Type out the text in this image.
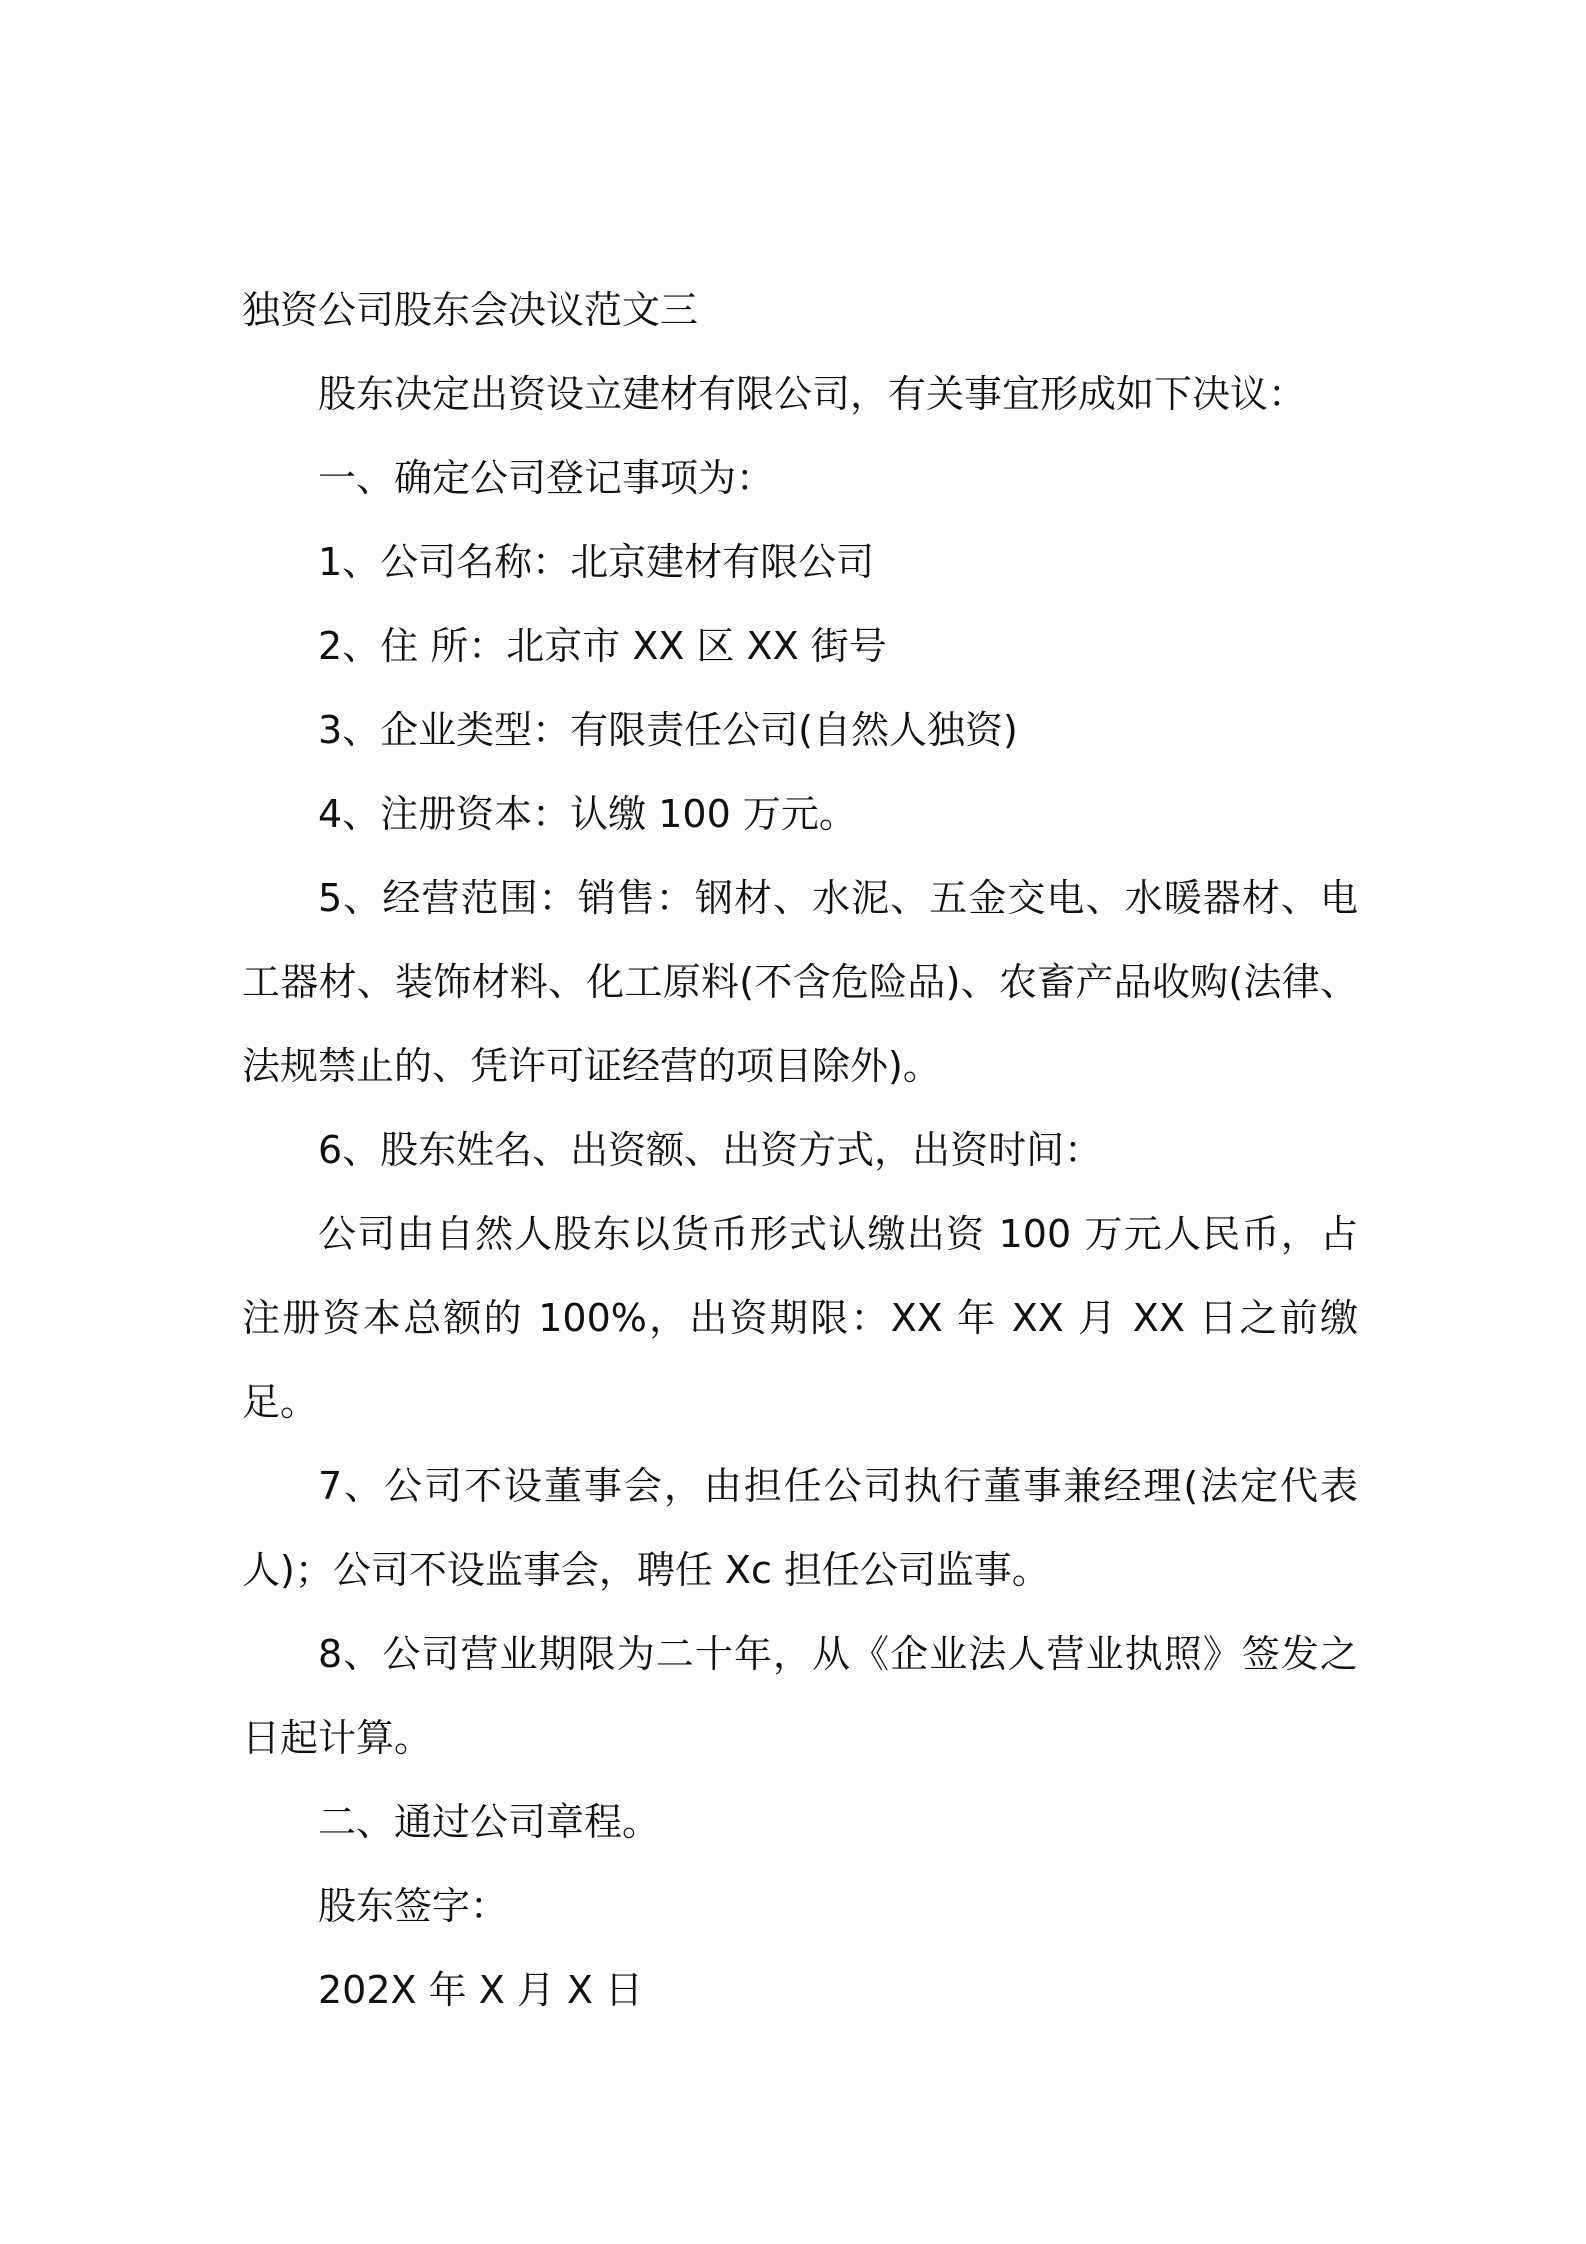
独资公司股东会决议范文三

股东决定出资设立建材有限公司，有关事宜形成如下决议：

一、确定公司登记事项为：

1、公司名称：北京建材有限公司

2、住 所：北京市 XX 区 XX 街号

3、企业类型：有限责任公司(自然人独资)

4、注册资本：认缴 100 万元。

5、经营范围：销售：钢材、水泥、五金交电、水暖器材、电工器材、装饰材料、化工原料(不含危险品)、农畜产品收购(法律、法规禁止的、凭许可证经营的项目除外)。

6、股东姓名、出资额、出资方式，出资时间：

公司由自然人股东以货币形式认缴出资 100 万元人民币，占注册资本总额的 100%，出资期限：XX 年 XX 月 XX 日之前缴足。

7、公司不设董事会，由担任公司执行董事兼经理(法定代表人)；公司不设监事会，聘任 Xc 担任公司监事。

8、公司营业期限为二十年，从《企业法人营业执照》签发之日起计算。

二、通过公司章程。

股东签字：

202X 年 X 月 X 日
